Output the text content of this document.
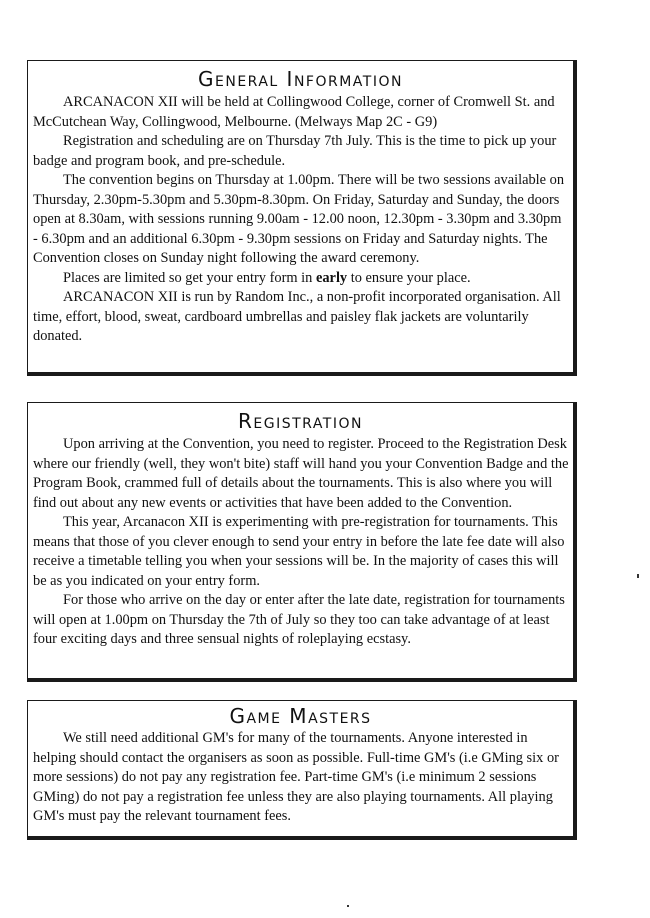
General Information

ARCANACON XII will be held at Collingwood College, corner of Cromwell St. and McCutchean Way, Collingwood, Melbourne. (Melways Map 2C - G9)

Registration and scheduling are on Thursday 7th July. This is the time to pick up your badge and program book, and pre-schedule.

The convention begins on Thursday at 1.00pm. There will be two sessions available on Thursday, 2.30pm-5.30pm and 5.30pm-8.30pm. On Friday, Saturday and Sunday, the doors open at 8.30am, with sessions running 9.00am - 12.00 noon, 12.30pm - 3.30pm and 3.30pm - 6.30pm and an additional 6.30pm - 9.30pm sessions on Friday and Saturday nights. The Convention closes on Sunday night following the award ceremony.

Places are limited so get your entry form in early to ensure your place.

ARCANACON XII is run by Random Inc., a non-profit incorporated organisation. All time, effort, blood, sweat, cardboard umbrellas and paisley flak jackets are voluntarily donated.

Registration

Upon arriving at the Convention, you need to register. Proceed to the Registration Desk where our friendly (well, they won't bite) staff will hand you your Convention Badge and the Program Book, crammed full of details about the tournaments. This is also where you will find out about any new events or activities that have been added to the Convention.

This year, Arcanacon XII is experimenting with pre-registration for tournaments. This means that those of you clever enough to send your entry in before the late fee date will also receive a timetable telling you when your sessions will be. In the majority of cases this will be as you indicated on your entry form.

For those who arrive on the day or enter after the late date, registration for tournaments will open at 1.00pm on Thursday the 7th of July so they too can take advantage of at least four exciting days and three sensual nights of roleplaying ecstasy.

Game Masters

We still need additional GM's for many of the tournaments. Anyone interested in helping should contact the organisers as soon as possible. Full-time GM's (i.e GMing six or more sessions) do not pay any registration fee. Part-time GM's (i.e minimum 2 sessions GMing) do not pay a registration fee unless they are also playing tournaments. All playing GM's must pay the relevant tournament fees.
